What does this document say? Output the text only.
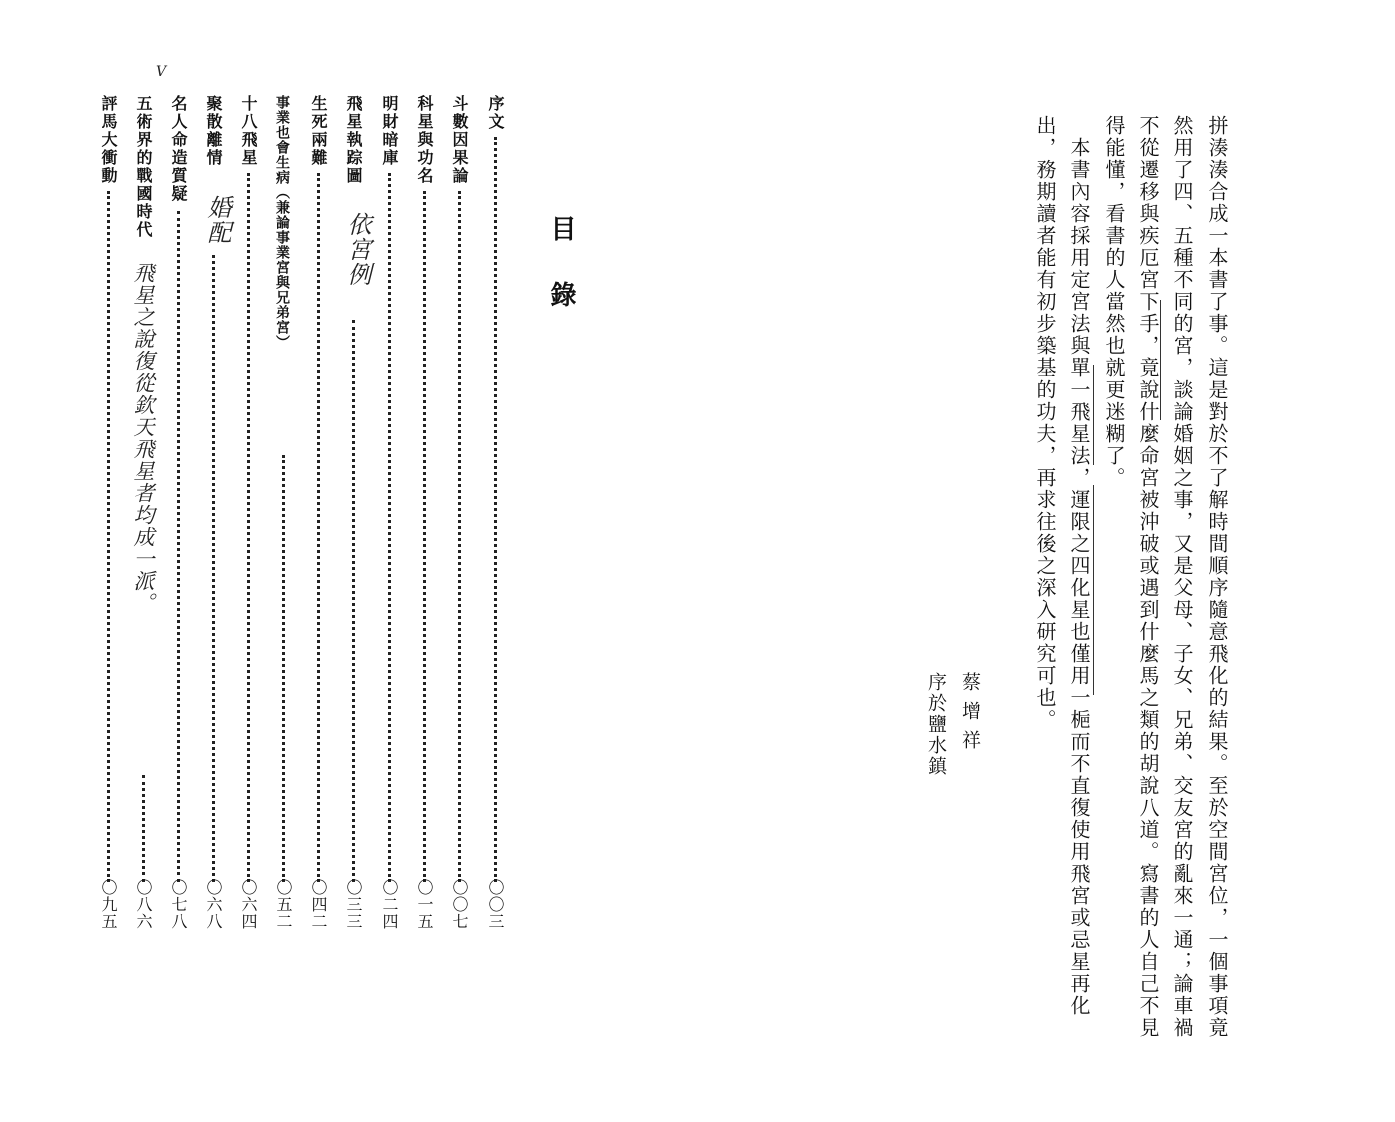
拼湊湊合成一本書了事。這是對於不了解時間順序隨意飛化的結果。至於空間宮位，一個事項竟
然用了四、五種不同的宮，談論婚姻之事，又是父母、子女、兄弟、交友宮的亂來一通；論車禍
不從遷移與疾厄宮下手，竟說什麼命宮被沖破或遇到什麼馬之類的胡說八道。寫書的人自己不見
得能懂，看書的人當然也就更迷糊了。
　本書內容採用定宮法與單一飛星法，運限之四化星也僅用一梔而不直復使用飛宮或忌星再化
出，務期讀者能有初步築基的功夫，再求往後之深入研究可也。
蔡增祥
序於鹽水鎮
目錄
序文
〇〇三
斗數因果論
〇〇七
科星與功名
〇一五
明財暗庫
〇二四
飛星執踪圖
〇三三
生死兩難
〇四二
事業也會生病（兼論事業宮與兄弟宮）
〇五二
十八飛星
〇六四
聚散離情
〇六八
名人命造質疑
〇七八
五術界的戰國時代
〇八六
評馬大衝動
〇九五
V
依宮例
婚配
飛星之說復從欽天飛星者均成一派。
